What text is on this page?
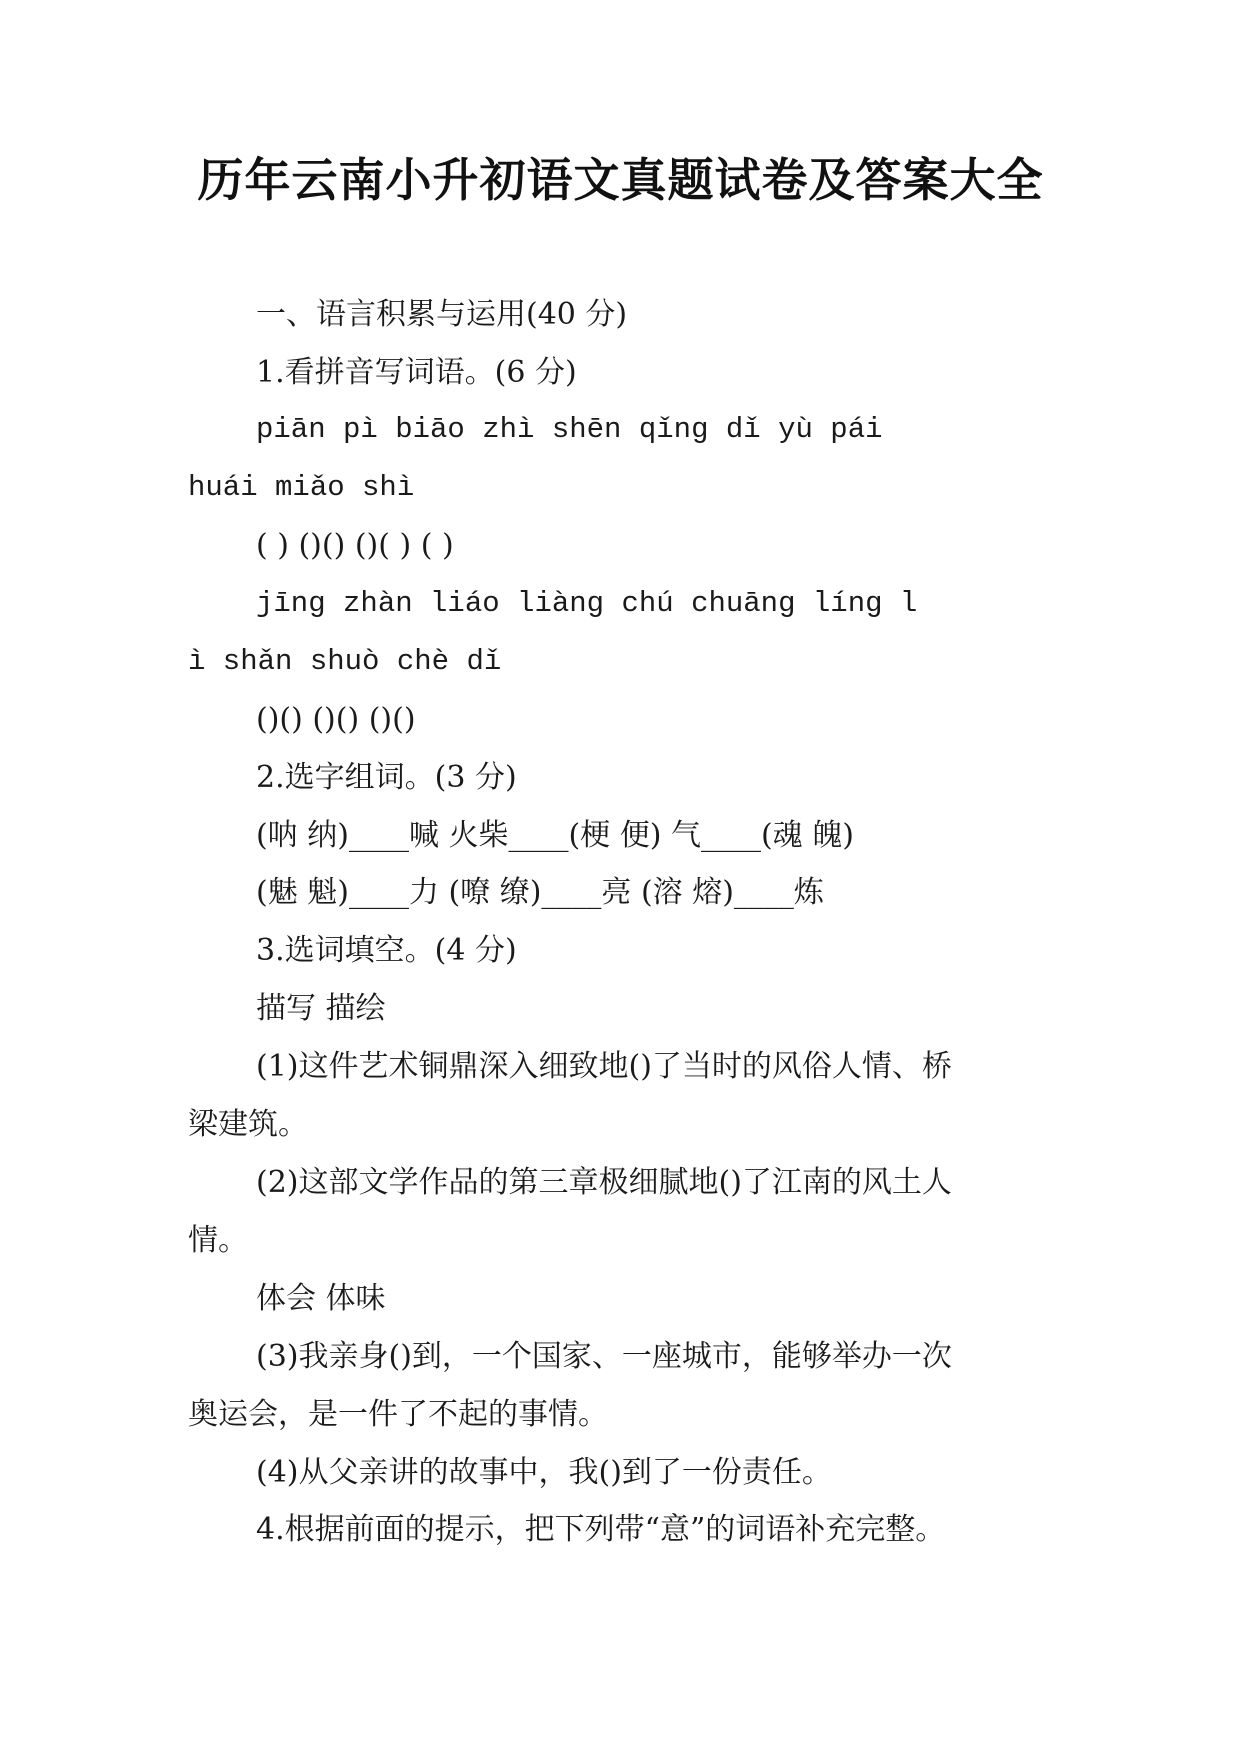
历年云南小升初语文真题试卷及答案大全
一、语言积累与运用(40 分)
1.看拼音写词语。(6 分)
piān pì biāo zhì shēn qǐng dǐ yù pái
huái miǎo shì
( ) ()() ()( ) ( )
jīng zhàn liáo liàng chú chuāng líng l
ì shǎn shuò chè dǐ
()() ()() ()()
2.选字组词。(3 分)
(呐 纳)____喊 火柴____(梗 便) 气____(魂 魄)
(魅 魁)____力 (嘹 缭)____亮 (溶 熔)____炼
3.选词填空。(4 分)
描写 描绘
(1)这件艺术铜鼎深入细致地()了当时的风俗人情、桥
梁建筑。
(2)这部文学作品的第三章极细腻地()了江南的风土人
情。
体会 体味
(3)我亲身()到，一个国家、一座城市，能够举办一次
奥运会，是一件了不起的事情。
(4)从父亲讲的故事中，我()到了一份责任。
4.根据前面的提示，把下列带“意”的词语补充完整。
